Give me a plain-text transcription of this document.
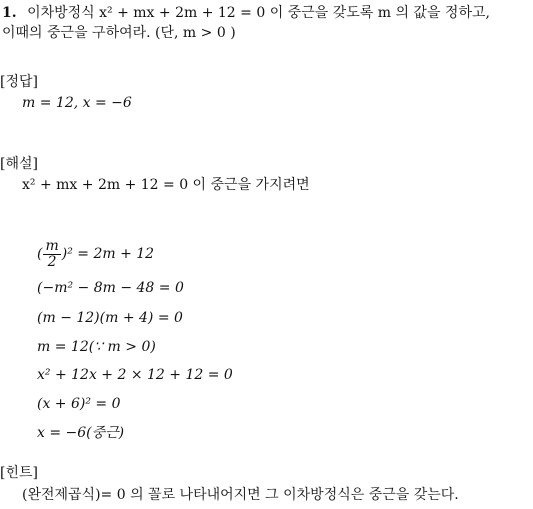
1. 이차방정식 x² + mx + 2m + 12 = 0 이 중근을 갖도록 m 의 값을 정하고,
이때의 중근을 구하여라. (단, m > 0 )
[정답]
m = 12, x = −6
[해설]
x² + mx + 2m + 12 = 0 이 중근을 가지려면
( $\frac{m}{2} )^2 = 2m + 12$
(−m² − 8m − 48 = 0
(m − 12)(m + 4) = 0
m = 12(∵ m > 0)
x² + 12x + 2 × 12 + 12 = 0
(x + 6)² = 0
x = −6(중근)
[힌트]
(완전제곱식)= 0 의 꼴로 나타내어지면 그 이차방정식은 중근을 갖는다.
